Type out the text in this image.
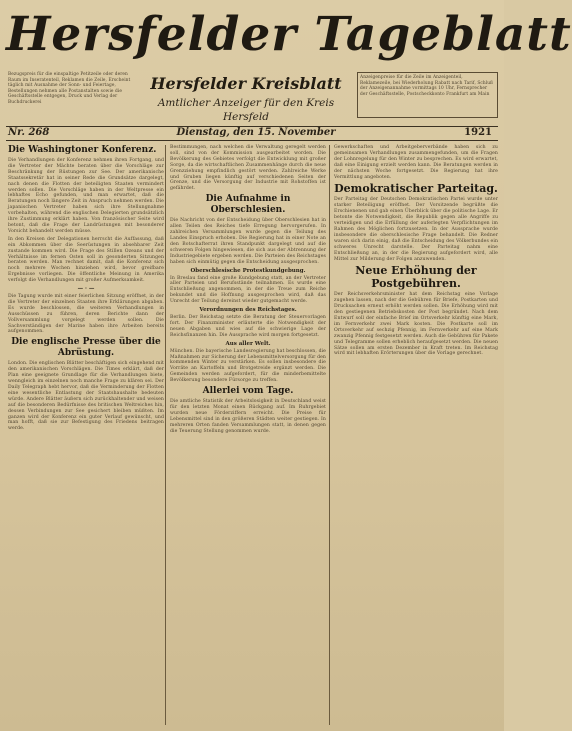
Hersfelder Tageblatt
Bezugspreis für die einspaltige Petitzeile oder deren Raum im Inseratenteil, Reklamen die Zeile, Erscheint täglich mit Ausnahme der Sonn- und Feiertage, Bestellungen nehmen alle Postanstalten sowie die Geschäftsstelle entgegen, Druck und Verlag der Buchdruckerei
Hersfelder Kreisblatt
Amtlicher Anzeiger für den Kreis Hersfeld
Anzeigenpreise für die Zeile im Anzeigenteil, Reklamezeile, bei Wiederholung Rabatt nach Tarif, Schluß der Anzeigenannahme vormittags 10 Uhr, Fernsprecher der Geschäftsstelle, Postscheckkonto Frankfurt am Main
Nr. 268	Dienstag, den 15. November	1921
Die Washingtoner Konferenz.
Die Verhandlungen der Konferenz nehmen ihren Fortgang, und die Vertreter der Mächte beraten über die Vorschläge zur Beschränkung der Rüstungen zur See. Der amerikanische Staatssekretär hat in seiner Rede die Grundsätze dargelegt, nach denen die Flotten der beteiligten Staaten vermindert werden sollen. Die Vorschläge haben in der Weltpresse ein lebhaftes Echo gefunden, und man erwartet, daß die Beratungen noch längere Zeit in Anspruch nehmen werden. Die japanischen Vertreter haben sich ihre Stellungnahme vorbehalten, während die englischen Delegierten grundsätzlich ihre Zustimmung erklärt haben. Von französischer Seite wird betont, daß die Frage der Landrüstungen mit besonderer Vorsicht behandelt werden müsse.
In den Kreisen der Delegationen herrscht die Auffassung, daß ein Abkommen über die Seerüstungen in absehbarer Zeit zustande kommen wird. Die Frage des Stillen Ozeans und der Verhältnisse im fernen Osten soll in gesonderten Sitzungen beraten werden. Man rechnet damit, daß die Konferenz sich noch mehrere Wochen hinziehen wird, bevor greifbare Ergebnisse vorliegen. Die öffentliche Meinung in Amerika verfolgt die Verhandlungen mit großer Aufmerksamkeit.
— · —
Die Tagung wurde mit einer feierlichen Sitzung eröffnet, in der die Vertreter der einzelnen Staaten ihre Erklärungen abgaben. Es wurde beschlossen, die weiteren Verhandlungen in Ausschüssen zu führen, deren Berichte dann der Vollversammlung vorgelegt werden sollen. Die Sachverständigen der Marine haben ihre Arbeiten bereits aufgenommen.
Die englische Presse über die Abrüstung.
London. Die englischen Blätter beschäftigen sich eingehend mit den amerikanischen Vorschlägen. Die Times erklärt, daß der Plan eine geeignete Grundlage für die Verhandlungen biete, wenngleich im einzelnen noch manche Frage zu klären sei. Der Daily Telegraph hebt hervor, daß die Verminderung der Flotten eine wesentliche Entlastung der Staatshaushalte bedeuten würde. Andere Blätter äußern sich zurückhaltender und weisen auf die besonderen Bedürfnisse des britischen Weltreiches hin, dessen Verbindungen zur See gesichert bleiben müßten. Im ganzen wird der Konferenz ein guter Verlauf gewünscht, und man hofft, daß sie zur Befestigung des Friedens beitragen werde.
Bestimmungen, nach welchen die Verwaltung geregelt werden soll, sind von der Kommission ausgearbeitet worden. Die Bevölkerung des Gebietes verfolgt die Entwicklung mit großer Sorge, da die wirtschaftlichen Zusammenhänge durch die neue Grenzziehung empfindlich gestört werden. Zahlreiche Werke und Gruben liegen künftig auf verschiedenen Seiten der Grenze, und die Versorgung der Industrie mit Rohstoffen ist gefährdet.
Die Aufnahme in Oberschlesien.
Die Nachricht von der Entscheidung über Oberschlesien hat in allen Teilen des Reiches tiefe Erregung hervorgerufen. In zahlreichen Versammlungen wurde gegen die Teilung des Landes Einspruch erhoben. Die Regierung hat in einer Note an den Botschafterrat ihren Standpunkt dargelegt und auf die schweren Folgen hingewiesen, die sich aus der Abtrennung der Industriegebiete ergeben werden. Die Parteien des Reichstages haben sich einmütig gegen die Entscheidung ausgesprochen.
Oberschlesische Protestkundgebung.
In Breslau fand eine große Kundgebung statt, an der Vertreter aller Parteien und Berufsstände teilnahmen. Es wurde eine Entschließung angenommen, in der die Treue zum Reiche bekundet und die Hoffnung ausgesprochen wird, daß das Unrecht der Teilung dereinst wieder gutgemacht werde.
Verordnungen des Reichstages.
Berlin. Der Reichstag setzte die Beratung der Steuervorlagen fort. Der Finanzminister erläuterte die Notwendigkeit der neuen Abgaben und wies auf die schwierige Lage der Reichsfinanzen hin. Die Aussprache wird morgen fortgesetzt.
Aus aller Welt.
München. Die bayerische Landesregierung hat beschlossen, die Maßnahmen zur Sicherung der Lebensmittelversorgung für den kommenden Winter zu verstärken. Es sollen insbesondere die Vorräte an Kartoffeln und Brotgetreide ergänzt werden. Die Gemeinden werden aufgefordert, für die minderbemittelte Bevölkerung besondere Fürsorge zu treffen.
Allerlei vom Tage.
Die amtliche Statistik der Arbeitslosigkeit in Deutschland weist für den letzten Monat einen Rückgang auf. Im Ruhrgebiet wurden neue Förderziffern erreicht. Die Preise für Lebensmittel sind in den größeren Städten weiter gestiegen. In mehreren Orten fanden Versammlungen statt, in denen gegen die Teuerung Stellung genommen wurde.
Gewerkschaften und Arbeitgeberverbände haben sich zu gemeinsamen Verhandlungen zusammengefunden, um die Fragen der Lohnregelung für den Winter zu besprechen. Es wird erwartet, daß eine Einigung erzielt werden kann. Die Beratungen werden in der nächsten Woche fortgesetzt. Die Regierung hat ihre Vermittlung angeboten.
Demokratischer Parteitag.
Der Parteitag der Deutschen Demokratischen Partei wurde unter starker Beteiligung eröffnet. Der Vorsitzende begrüßte die Erschienenen und gab einen Überblick über die politische Lage. Er betonte die Notwendigkeit, die Republik gegen alle Angriffe zu verteidigen und die Erfüllung der auferlegten Verpflichtungen im Rahmen des Möglichen fortzusetzen. In der Aussprache wurde insbesondere die oberschlesische Frage behandelt. Die Redner waren sich darin einig, daß die Entscheidung des Völkerbundes ein schweres Unrecht darstelle. Der Parteitag nahm eine Entschließung an, in der die Regierung aufgefordert wird, alle Mittel zur Milderung der Folgen anzuwenden.
Neue Erhöhung der Postgebühren.
Der Reichsverkehrsminister hat dem Reichstag eine Vorlage zugehen lassen, nach der die Gebühren für Briefe, Postkarten und Drucksachen erneut erhöht werden sollen. Die Erhöhung wird mit den gestiegenen Betriebskosten der Post begründet. Nach dem Entwurf soll der einfache Brief im Ortsverkehr künftig eine Mark, im Fernverkehr zwei Mark kosten. Die Postkarte soll im Ortsverkehr auf sechzig Pfennig, im Fernverkehr auf eine Mark zwanzig Pfennig festgesetzt werden. Auch die Gebühren für Pakete und Telegramme sollen erheblich heraufgesetzt werden. Die neuen Sätze sollen am ersten Dezember in Kraft treten. Im Reichstag wird mit lebhaften Erörterungen über die Vorlage gerechnet.
